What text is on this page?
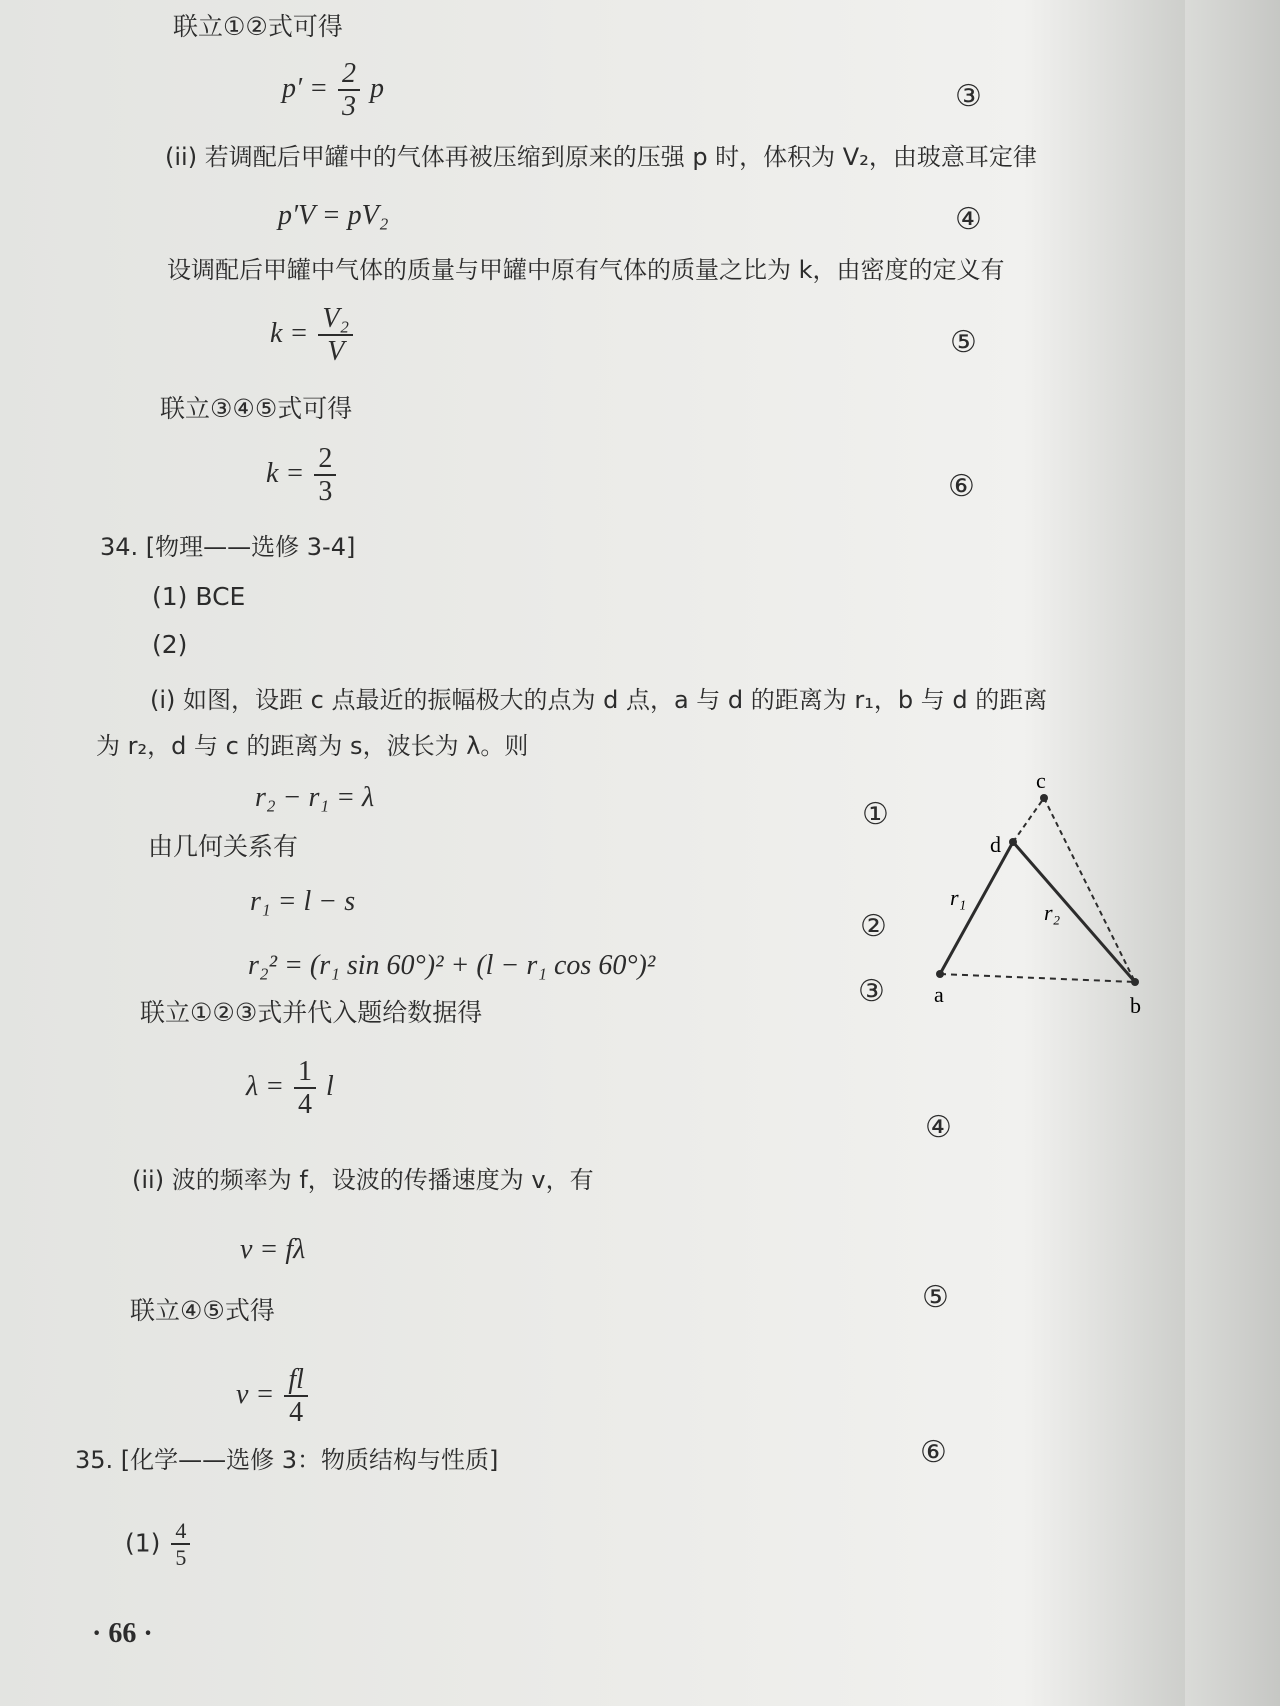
联立①②式可得
$p' = \frac{2}{3}$ p	③
(ii) 若调配后甲罐中的气体再被压缩到原来的压强 p 时，体积为 V₂，由玻意耳定律
p′V = pV₂	④
设调配后甲罐中气体的质量与甲罐中原有气体的质量之比为 k，由密度的定义有
$k = \frac{\text{V₂}}{V}$	⑤
联立③④⑤式可得
$k = \frac{2}{3}$	⑥
34. [物理——选修 3-4]
(1) BCE
(2)
(i) 如图，设距 c 点最近的振幅极大的点为 d 点，a 与 d 的距离为 r₁，b 与 d 的距离
为 r₂，d 与 c 的距离为 s，波长为 λ。则
r₂ − r₁ = λ	①
由几何关系有
r₁ = l − s
②
r₂² = (r₁ sin 60°)² + (l − r₁ cos 60°)²
③
联立①②③式并代入题给数据得
$\lambda = \frac{1}{4}$ l
④
(ii) 波的频率为 f，设波的传播速度为 v，有
v = fλ
⑤
联立④⑤式得
$v = \frac{fl}{4}$
⑥
a	b
c
d
r₁
r₂
35. [化学——选修 3：物质结构与性质]
$(1) \frac{4}{5}$
· 66 ·
